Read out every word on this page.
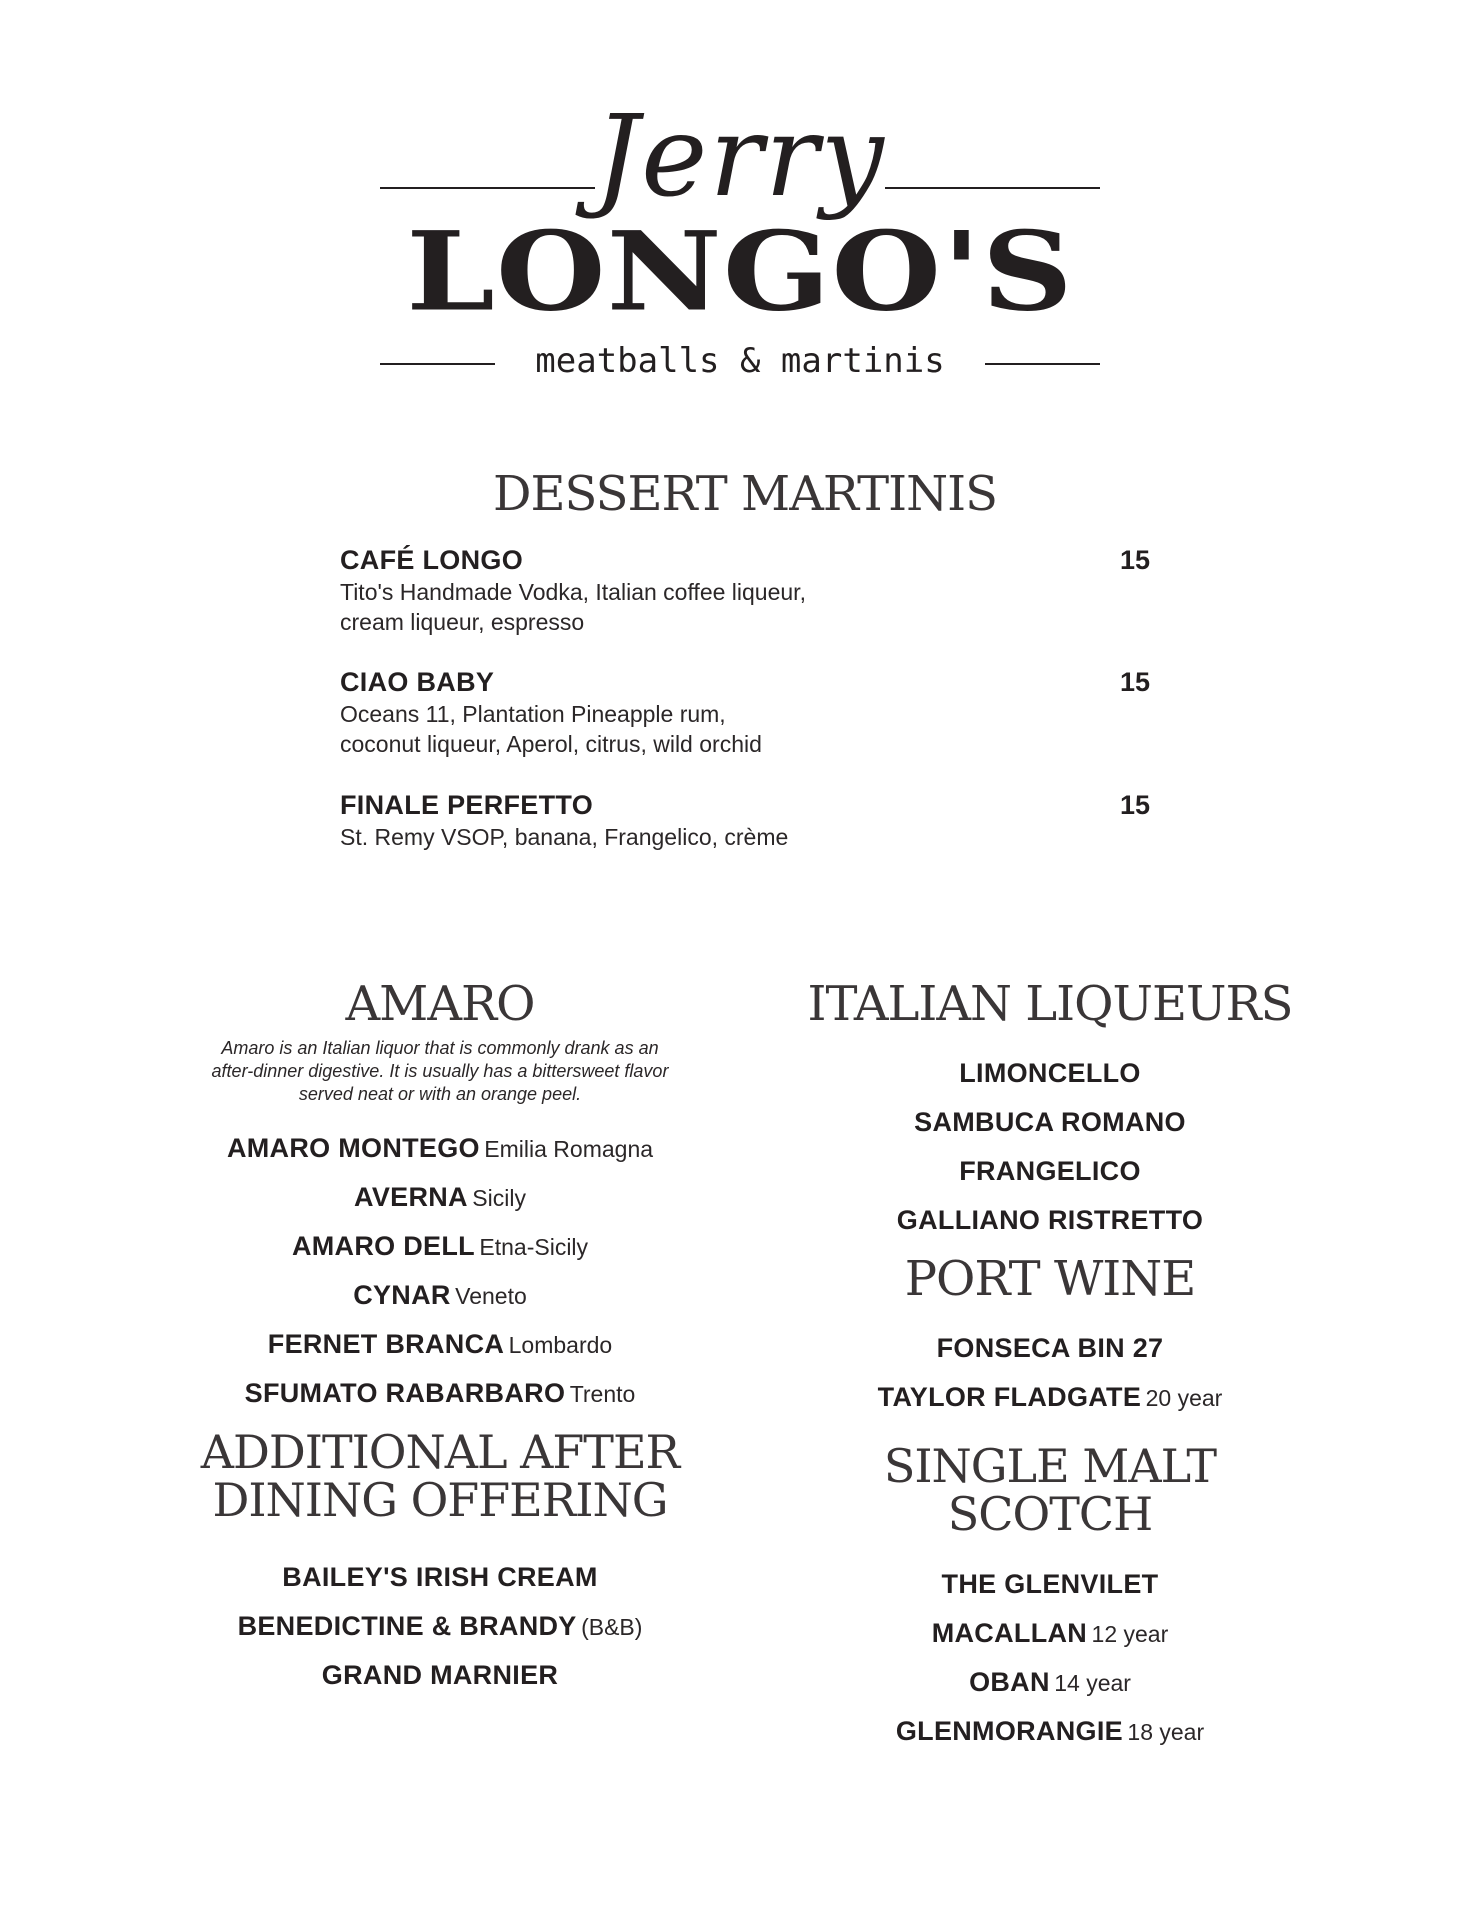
Jerry
LONGO'S
meatballs & martinis
DESSERT MARTINIS
CAFÉ LONGO	15
Tito's Handmade Vodka, Italian coffee liqueur,
cream liqueur, espresso
CIAO BABY	15
Oceans 11, Plantation Pineapple rum,
coconut liqueur, Aperol, citrus, wild orchid
FINALE PERFETTO	15
St. Remy VSOP, banana, Frangelico, crème
AMARO
Amaro is an Italian liquor that is commonly drank as an
after-dinner digestive. It is usually has a bittersweet flavor
served neat or with an orange peel.
AMARO MONTEGO Emilia Romagna
AVERNA Sicily
AMARO DELL Etna-Sicily
CYNAR Veneto
FERNET BRANCA Lombardo
SFUMATO RABARBARO Trento
ADDITIONAL AFTER
DINING OFFERING
BAILEY'S IRISH CREAM
BENEDICTINE & BRANDY (B&B)
GRAND MARNIER
ITALIAN LIQUEURS
LIMONCELLO
SAMBUCA ROMANO
FRANGELICO
GALLIANO RISTRETTO
PORT WINE
FONSECA BIN 27
TAYLOR FLADGATE 20 year
SINGLE MALT
SCOTCH
THE GLENVILET
MACALLAN 12 year
OBAN 14 year
GLENMORANGIE 18 year
